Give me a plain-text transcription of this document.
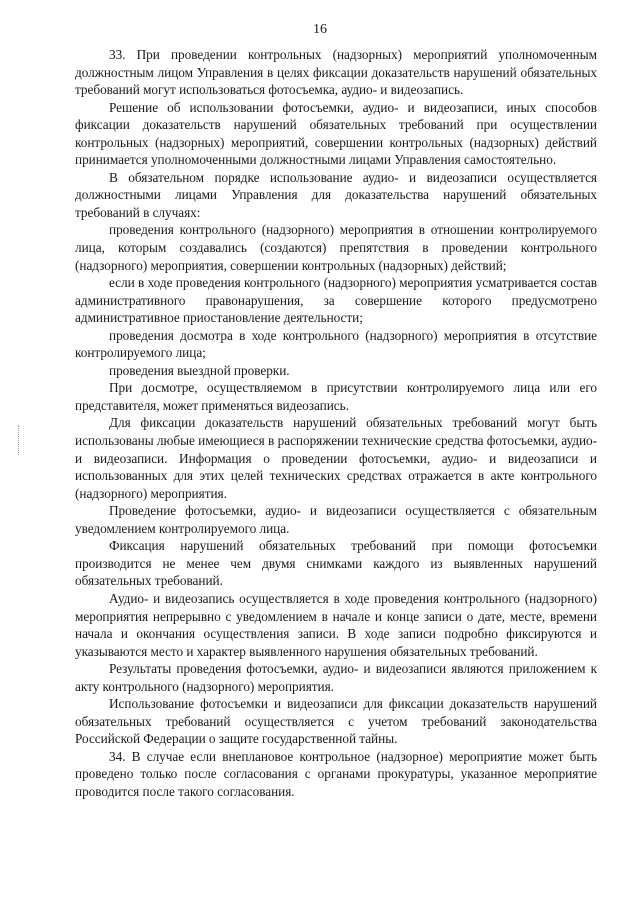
16

33. При проведении контрольных (надзорных) мероприятий уполномоченным должностным лицом Управления в целях фиксации доказательств нарушений обязательных требований могут использоваться фотосъемка, аудио- и видеозапись.

Решение об использовании фотосъемки, аудио- и видеозаписи, иных способов фиксации доказательств нарушений обязательных требований при осуществлении контрольных (надзорных) мероприятий, совершении контрольных (надзорных) действий принимается уполномоченными должностными лицами Управления самостоятельно.

В обязательном порядке использование аудио- и видеозаписи осуществляется должностными лицами Управления для доказательства нарушений обязательных требований в случаях:

проведения контрольного (надзорного) мероприятия в отношении контролируемого лица, которым создавались (создаются) препятствия в проведении контрольного (надзорного) мероприятия, совершении контрольных (надзорных) действий;

если в ходе проведения контрольного (надзорного) мероприятия усматривается состав административного правонарушения, за совершение которого предусмотрено административное приостановление деятельности;

проведения досмотра в ходе контрольного (надзорного) мероприятия в отсутствие контролируемого лица;

проведения выездной проверки.

При досмотре, осуществляемом в присутствии контролируемого лица или его представителя, может применяться видеозапись.

Для фиксации доказательств нарушений обязательных требований могут быть использованы любые имеющиеся в распоряжении технические средства фотосъемки, аудио- и видеозаписи. Информация о проведении фотосъемки, аудио- и видеозаписи и использованных для этих целей технических средствах отражается в акте контрольного (надзорного) мероприятия.

Проведение фотосъемки, аудио- и видеозаписи осуществляется с обязательным уведомлением контролируемого лица.

Фиксация нарушений обязательных требований при помощи фотосъемки производится не менее чем двумя снимками каждого из выявленных нарушений обязательных требований.

Аудио- и видеозапись осуществляется в ходе проведения контрольного (надзорного) мероприятия непрерывно с уведомлением в начале и конце записи о дате, месте, времени начала и окончания осуществления записи. В ходе записи подробно фиксируются и указываются место и характер выявленного нарушения обязательных требований.

Результаты проведения фотосъемки, аудио- и видеозаписи являются приложением к акту контрольного (надзорного) мероприятия.

Использование фотосъемки и видеозаписи для фиксации доказательств нарушений обязательных требований осуществляется с учетом требований законодательства Российской Федерации о защите государственной тайны.

34. В случае если внеплановое контрольное (надзорное) мероприятие может быть проведено только после согласования с органами прокуратуры, указанное мероприятие проводится после такого согласования.
